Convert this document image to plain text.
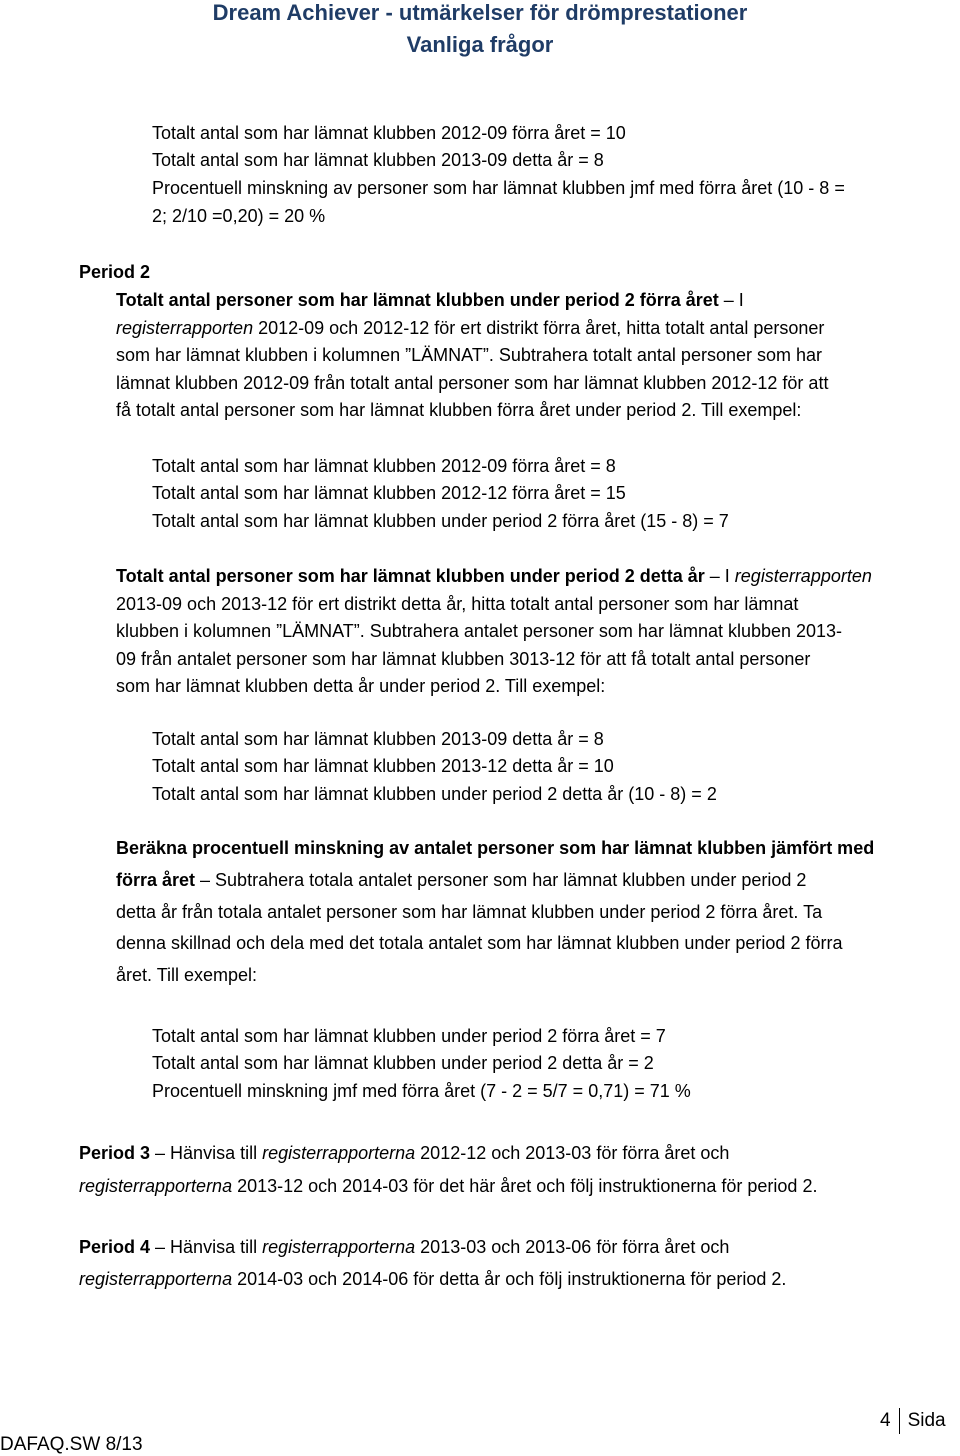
Dream Achiever - utmärkelser för drömprestationer
Vanliga frågor
Totalt antal som har lämnat klubben 2012-09 förra året = 10
Totalt antal som har lämnat klubben 2013-09 detta år = 8
Procentuell minskning av personer som har lämnat klubben jmf med förra året (10 - 8 =
2; 2/10 =0,20) = 20 %
Period 2
Totalt antal personer som har lämnat klubben under period 2 förra året – I
registerrapporten 2012-09 och 2012-12 för ert distrikt förra året, hitta totalt antal personer
som har lämnat klubben i kolumnen ”LÄMNAT”. Subtrahera totalt antal personer som har
lämnat klubben 2012-09 från totalt antal personer som har lämnat klubben 2012-12 för att
få totalt antal personer som har lämnat klubben förra året under period 2. Till exempel:
Totalt antal som har lämnat klubben 2012-09 förra året = 8
Totalt antal som har lämnat klubben 2012-12 förra året = 15
Totalt antal som har lämnat klubben under period 2 förra året (15 - 8) = 7
Totalt antal personer som har lämnat klubben under period 2 detta år – I registerrapporten
2013-09 och 2013-12 för ert distrikt detta år, hitta totalt antal personer som har lämnat
klubben i kolumnen ”LÄMNAT”. Subtrahera antalet personer som har lämnat klubben 2013-
09 från antalet personer som har lämnat klubben 3013-12 för att få totalt antal personer
som har lämnat klubben detta år under period 2. Till exempel:
Totalt antal som har lämnat klubben 2013-09 detta år = 8
Totalt antal som har lämnat klubben 2013-12 detta år = 10
Totalt antal som har lämnat klubben under period 2 detta år (10 - 8) = 2
Beräkna procentuell minskning av antalet personer som har lämnat klubben jämfört med
förra året – Subtrahera totala antalet personer som har lämnat klubben under period 2
detta år från totala antalet personer som har lämnat klubben under period 2 förra året. Ta
denna skillnad och dela med det totala antalet som har lämnat klubben under period 2 förra
året. Till exempel:
Totalt antal som har lämnat klubben under period 2 förra året = 7
Totalt antal som har lämnat klubben under period 2 detta år = 2
Procentuell minskning jmf med förra året (7 - 2 = 5/7 = 0,71) = 71 %
Period 3 – Hänvisa till registerrapporterna 2012-12 och 2013-03 för förra året och
registerrapporterna 2013-12 och 2014-03 för det här året och följ instruktionerna för period 2.
Period 4 – Hänvisa till registerrapporterna 2013-03 och 2013-06 för förra året och
registerrapporterna 2014-03 och 2014-06 för detta år och följ instruktionerna för period 2.
4 Sida
DAFAQ.SW 8/13
